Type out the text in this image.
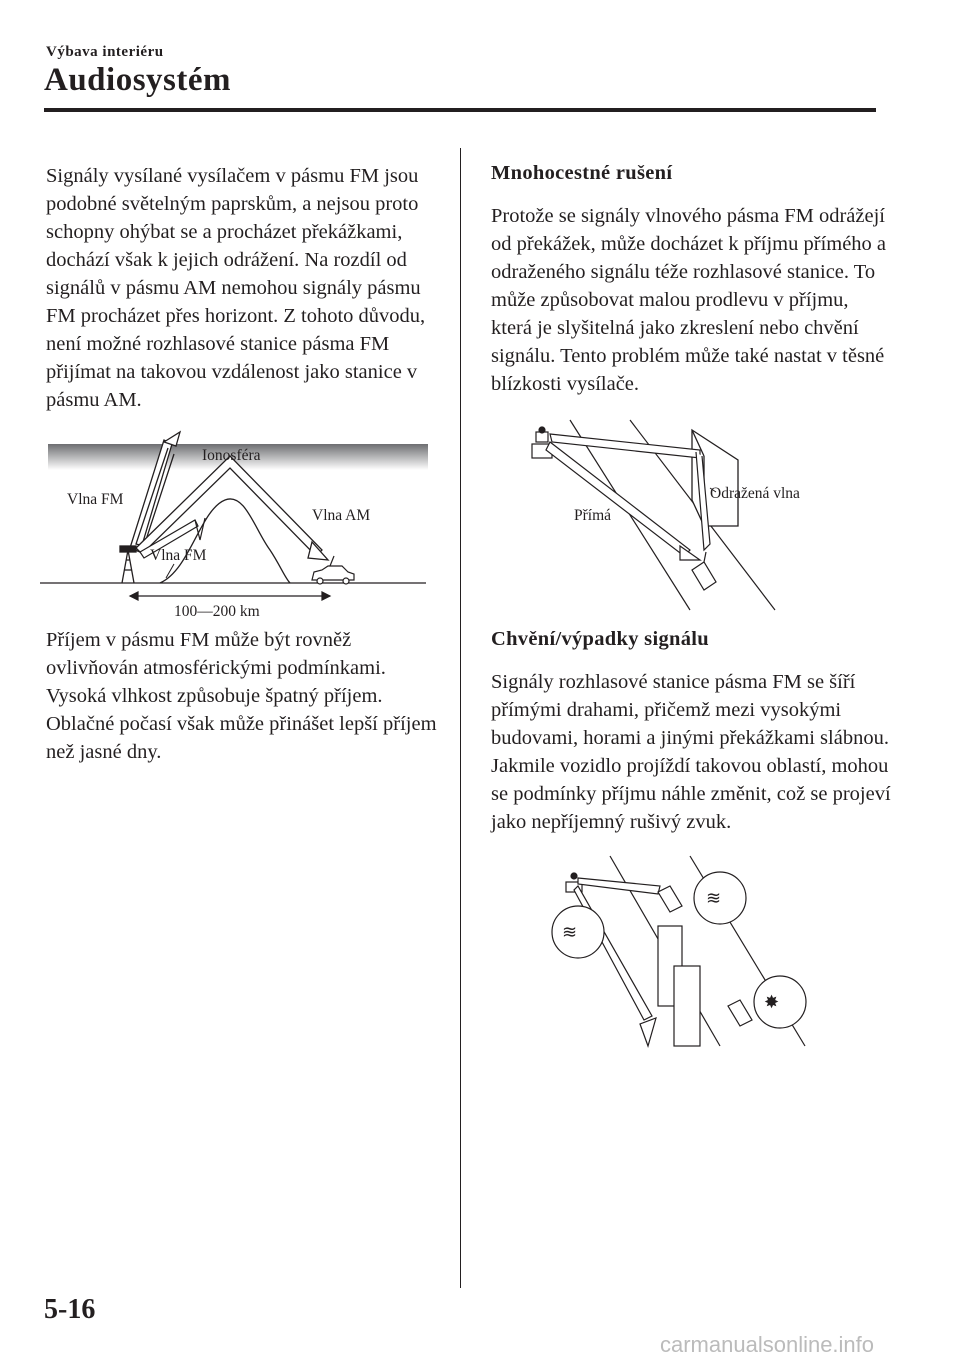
Výbava interiéru
Audiosystém

Signály vysílané vysílačem v pásmu FM jsou podobné světelným paprskům, a nejsou proto schopny ohýbat se a procházet překážkami, dochází však k jejich odrážení. Na rozdíl od signálů v pásmu AM nemohou signály pásmu FM procházet přes horizont. Z tohoto důvodu, není možné rozhlasové stanice pásma FM přijímat na takovou vzdálenost jako stanice v pásmu AM.

Ionosféra
Vlna FM
Vlna AM
Vlna FM
100—200 km

Příjem v pásmu FM může být rovněž ovlivňován atmosférickými podmínkami. Vysoká vlhkost způsobuje špatný příjem. Oblačné počasí však může přinášet lepší příjem než jasné dny.

Mnohocestné rušení

Protože se signály vlnového pásma FM odrážejí od překážek, může docházet k příjmu přímého a odraženého signálu téže rozhlasové stanice. To může způsobovat malou prodlevu v příjmu, která je slyšitelná jako zkreslení nebo chvění signálu. Tento problém může také nastat v těsné blízkosti vysílače.

Odražená vlna
Přímá
Chvění/výpadky signálu

Signály rozhlasové stanice pásma FM se šíří přímými drahami, přičemž mezi vysokými budovami, horami a jinými překážkami slábnou. Jakmile vozidlo projíždí takovou oblastí, mohou se podmínky příjmu náhle změnit, což se projeví jako nepříjemný rušivý zvuk.

≋
≋
✸
5-16
carmanualsonline.info
